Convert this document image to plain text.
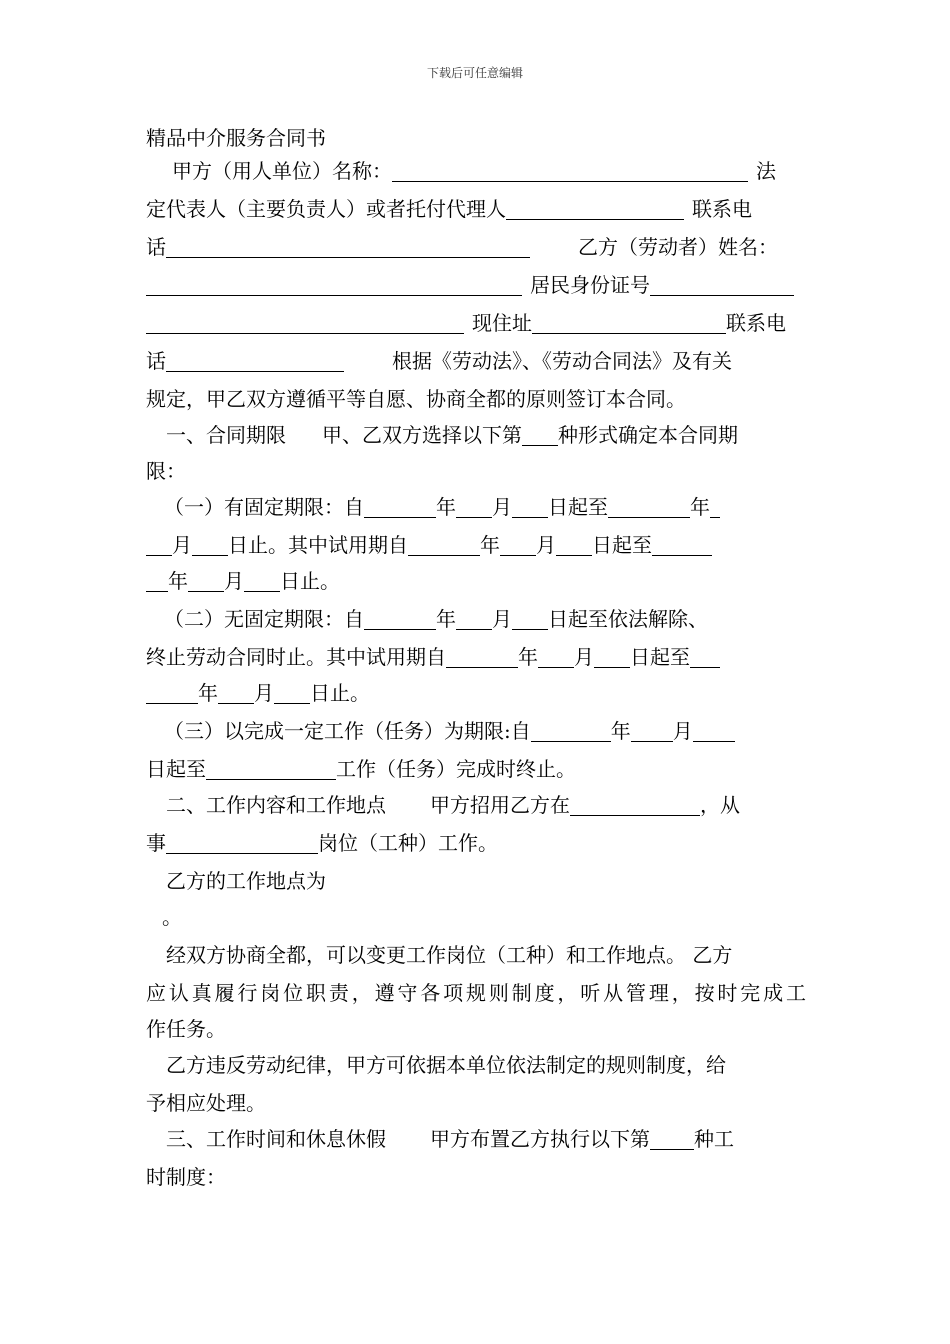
下载后可任意编辑
精品中介服务合同书
甲方（用人单位）名称：	法
定代表人（主要负责人）或者托付代理人	联系电
话	乙方（劳动者）姓名：
居民身份证号
现住址	联系电
话	根据《劳动法》、《劳动合同法》及有关
规定，甲乙双方遵循平等自愿、协商全都的原则签订本合同。
一、合同期限 甲、乙双方选择以下第 种形式确定本合同期
限：
（一）有固定期限：自	年 月 日起至	年
月 日止。其中试用期自	年 月 日起至
年 月 日止。
（二）无固定期限：自	年 月 日起至依法解除、
终止劳动合同时止。其中试用期自	年 月 日起至
年 月 日止。
（三）以完成一定工作（任务）为期限:自	年 月
日起至	工作（任务）完成时终止。
二、工作内容和工作地点 甲方招用乙方在	，从
事	岗位（工种）工作。
乙方的工作地点为
。
经双方协商全都，可以变更工作岗位（工种）和工作地点。 乙方
应认真履行岗位职责，遵守各项规则制度，听从管理，按时完成工
作任务。
乙方违反劳动纪律，甲方可依据本单位依法制定的规则制度，给
予相应处理。
三、工作时间和休息休假 甲方布置乙方执行以下第 种工
时制度：
